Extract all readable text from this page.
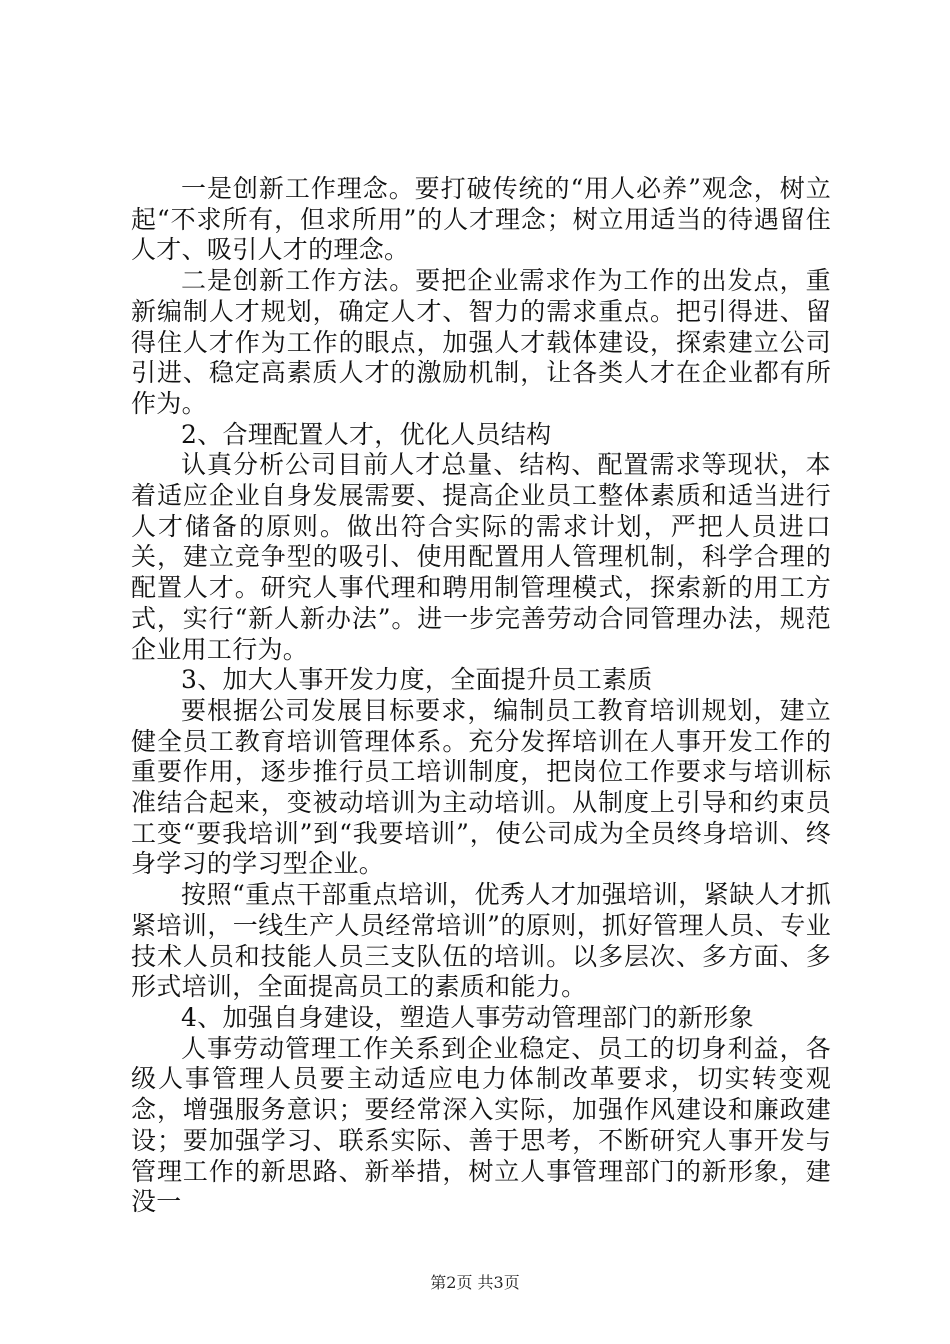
一是创新工作理念。要打破传统的“用人必养”观念，树立起“不求所有，但求所用”的人才理念；树立用适当的待遇留住人才、吸引人才的理念。

二是创新工作方法。要把企业需求作为工作的出发点，重新编制人才规划，确定人才、智力的需求重点。把引得进、留得住人才作为工作的眼点，加强人才载体建设，探索建立公司引进、稳定高素质人才的激励机制，让各类人才在企业都有所作为。

2、合理配置人才，优化人员结构

认真分析公司目前人才总量、结构、配置需求等现状，本着适应企业自身发展需要、提高企业员工整体素质和适当进行人才储备的原则。做出符合实际的需求计划，严把人员进口关，建立竞争型的吸引、使用配置用人管理机制，科学合理的配置人才。研究人事代理和聘用制管理模式，探索新的用工方式，实行“新人新办法”。进一步完善劳动合同管理办法，规范企业用工行为。

3、加大人事开发力度，全面提升员工素质

要根据公司发展目标要求，编制员工教育培训规划，建立健全员工教育培训管理体系。充分发挥培训在人事开发工作的重要作用，逐步推行员工培训制度，把岗位工作要求与培训标准结合起来，变被动培训为主动培训。从制度上引导和约束员工变“要我培训”到“我要培训”，使公司成为全员终身培训、终身学习的学习型企业。

按照“重点干部重点培训，优秀人才加强培训，紧缺人才抓紧培训，一线生产人员经常培训”的原则，抓好管理人员、专业技术人员和技能人员三支队伍的培训。以多层次、多方面、多形式培训，全面提高员工的素质和能力。

4、加强自身建设，塑造人事劳动管理部门的新形象

人事劳动管理工作关系到企业稳定、员工的切身利益，各级人事管理人员要主动适应电力体制改革要求，切实转变观念，增强服务意识；要经常深入实际，加强作风建设和廉政建设；要加强学习、联系实际、善于思考，不断研究人事开发与管理工作的新思路、新举措，树立人事管理部门的新形象，建没一

第2页 共3页
